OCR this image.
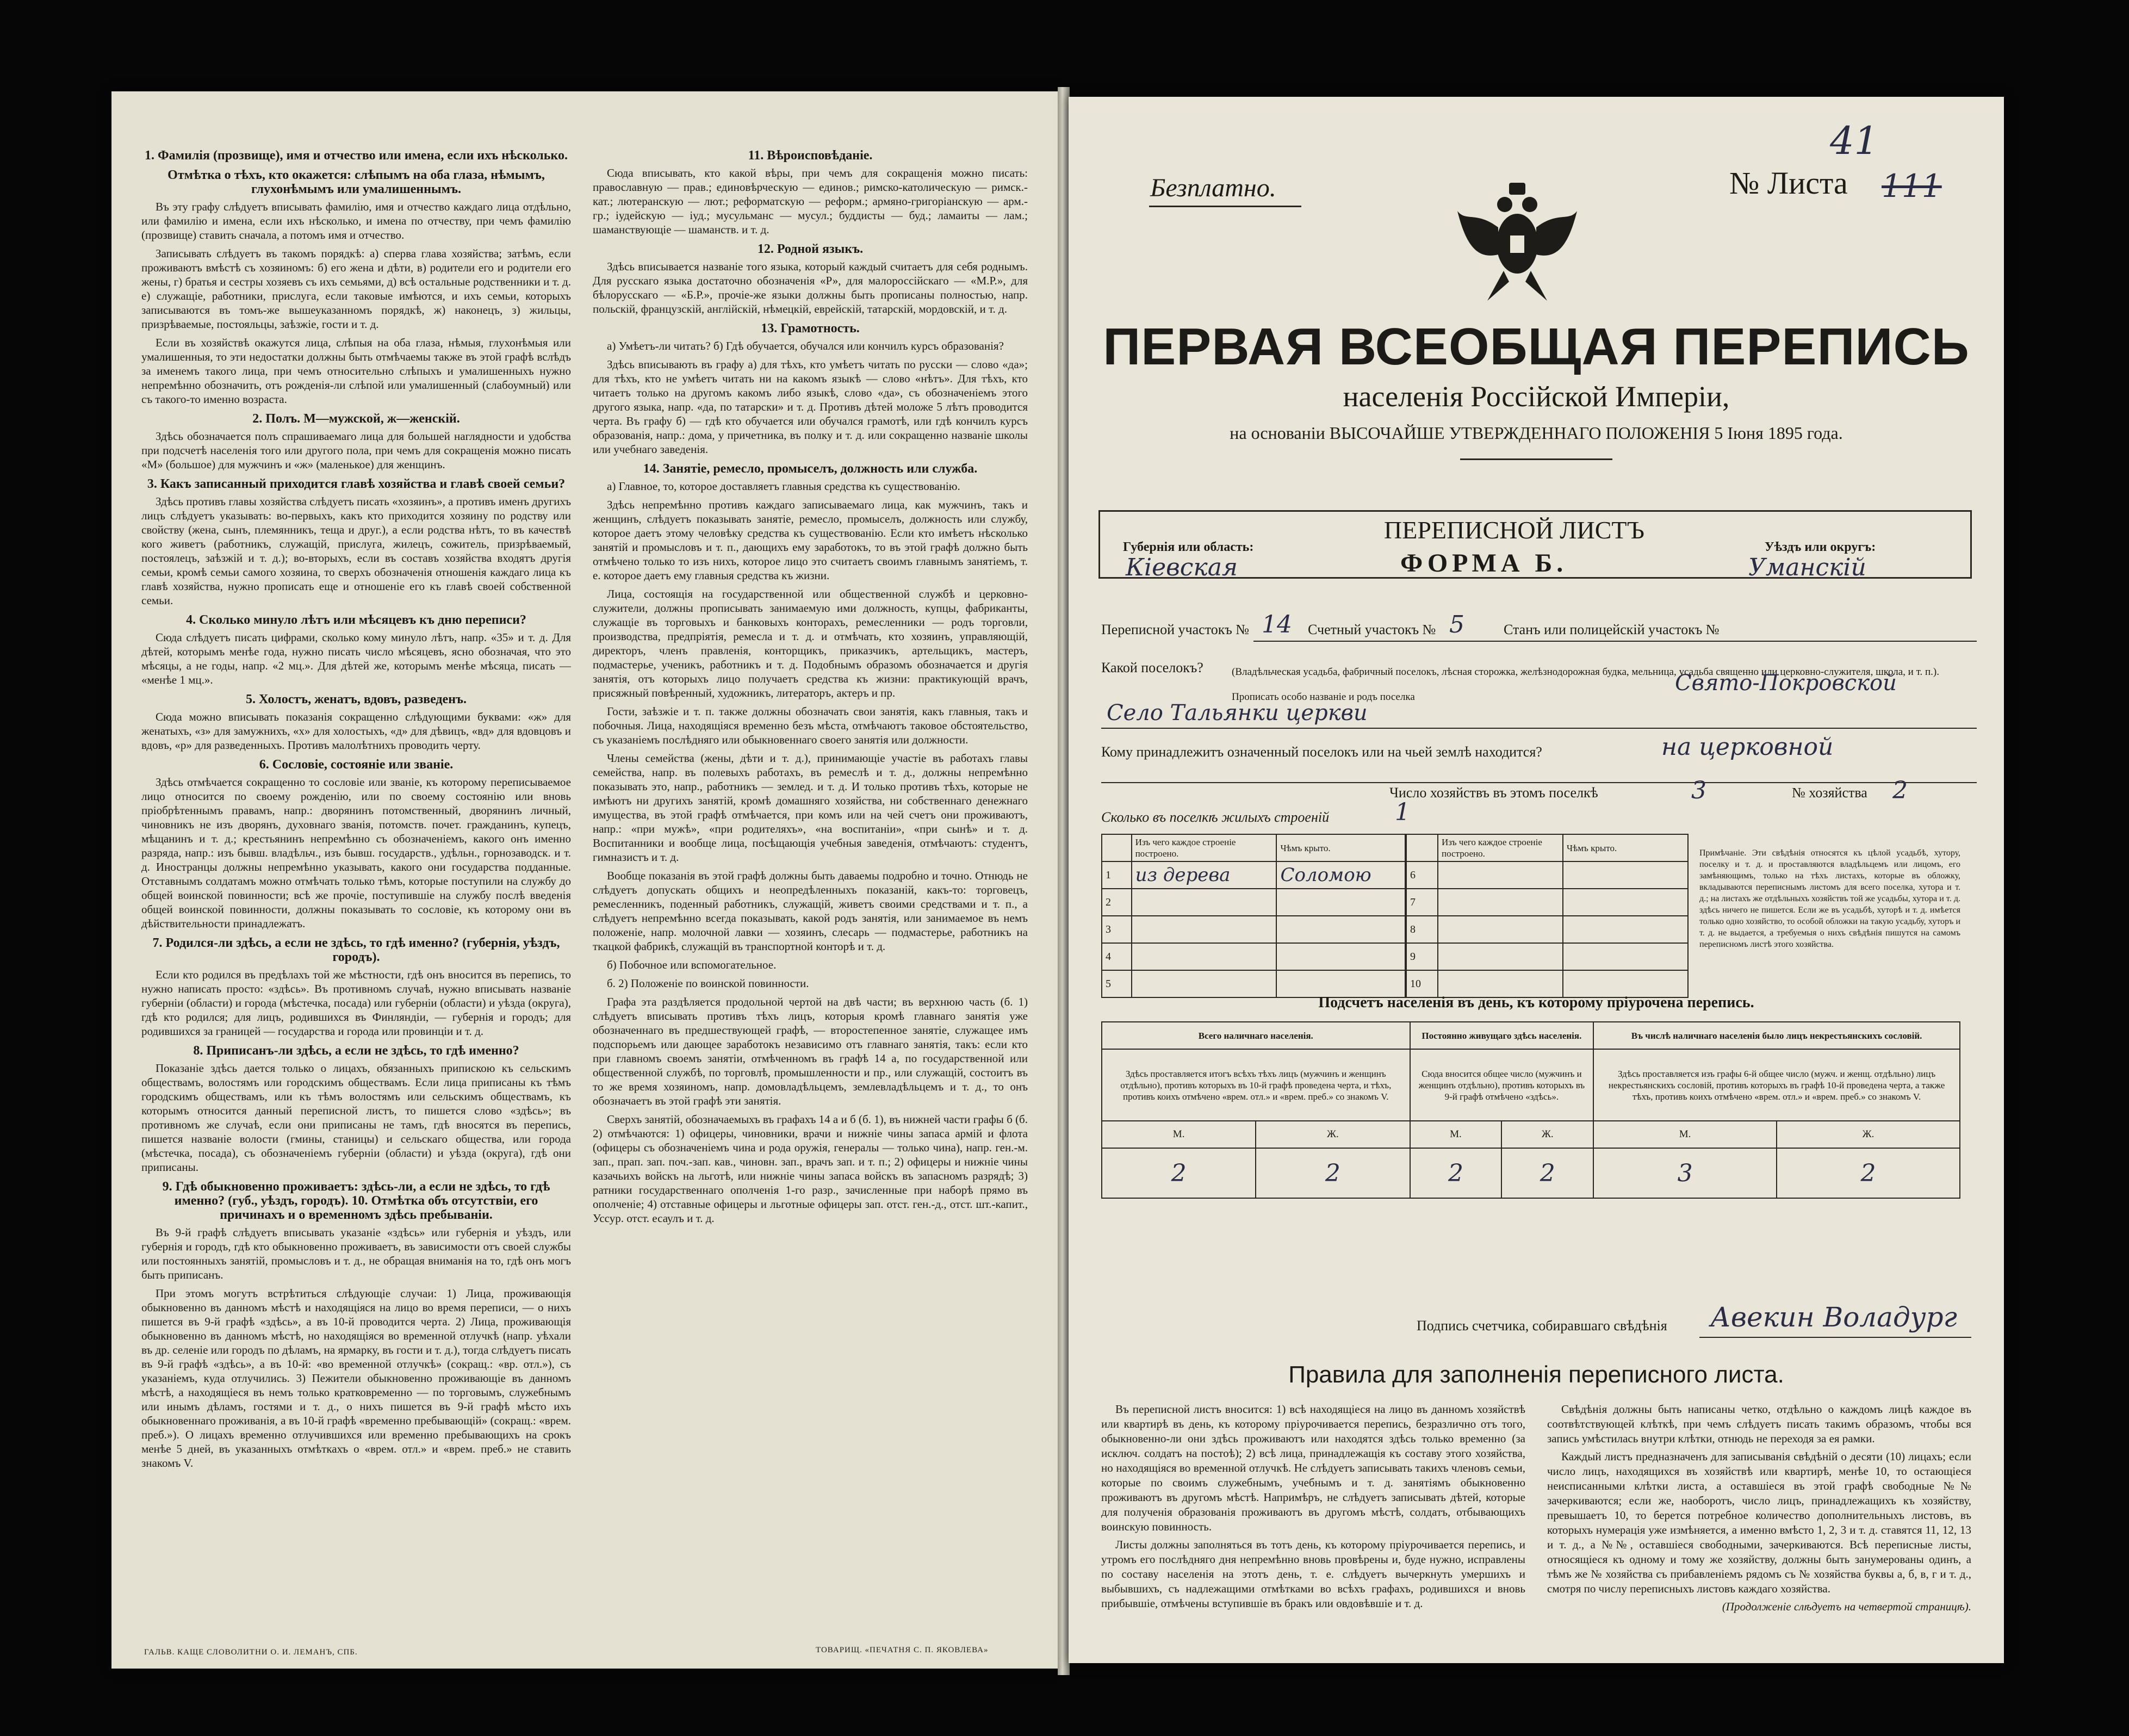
1. Фамилія (прозвище), имя и отчество или имена, если ихъ нѣсколько.
Отмѣтка о тѣхъ, кто окажется: слѣпымъ на оба глаза, нѣмымъ, глухонѣмымъ или умалишеннымъ.

Въ эту графу слѣдуетъ вписывать фамилію, имя и отчество каждаго лица отдѣльно, или фамилію и имена, если ихъ нѣсколько, и имена по отчеству, при чемъ фамилію (прозвище) ставить сначала, а потомъ имя и отчество.

Записывать слѣдуетъ въ такомъ порядкѣ: а) сперва глава хозяйства; затѣмъ, если проживаютъ вмѣстѣ съ хозяиномъ: б) его жена и дѣти, в) родители его и родители его жены, г) братья и сестры хозяевъ съ ихъ семьями, д) всѣ остальные родственники и т. д. е) служащіе, работники, прислуга, если таковые имѣются, и ихъ семьи, которыхъ записываются въ томъ-же вышеуказанномъ порядкѣ, ж) наконецъ, з) жильцы, призрѣваемые, постояльцы, заѣзжіе, гости и т. д.

Если въ хозяйствѣ окажутся лица, слѣпыя на оба глаза, нѣмыя, глухонѣмыя или умалишенныя, то эти недостатки должны быть отмѣчаемы также въ этой графѣ вслѣдъ за именемъ такого лица, при чемъ относительно слѣпыхъ и умалишенныхъ нужно непремѣнно обозначить, отъ рожденія-ли слѣпой или умалишенный (слабоумный) или съ такого-то именно возраста.

2. Полъ. М—мужской, ж—женскій.

Здѣсь обозначается полъ спрашиваемаго лица для большей наглядности и удобства при подсчетѣ населенія того или другого пола, при чемъ для сокращенія можно писать «М» (большое) для мужчинъ и «ж» (маленькое) для женщинъ.

3. Какъ записанный приходится главѣ хозяйства и главѣ своей семьи?

Здѣсь противъ главы хозяйства слѣдуетъ писать «хозяинъ», а противъ именъ другихъ лицъ слѣдуетъ указывать: во-первыхъ, какъ кто приходится хозяину по родству или свойству (жена, сынъ, племянникъ, теща и друг.), а если родства нѣтъ, то въ качествѣ кого живетъ (работникъ, служащій, прислуга, жилецъ, сожитель, призрѣваемый, постоялецъ, заѣзжій и т. д.); во-вторыхъ, если въ составъ хозяйства входятъ другія семьи, кромѣ семьи самого хозяина, то сверхъ обозначенія отношенія каждаго лица къ главѣ хозяйства, нужно прописать еще и отношеніе его къ главѣ своей собственной семьи.

4. Сколько минуло лѣтъ или мѣсяцевъ къ дню переписи?

Сюда слѣдуетъ писать цифрами, сколько кому минуло лѣтъ, напр. «35» и т. д. Для дѣтей, которымъ менѣе года, нужно писать число мѣсяцевъ, ясно обозначая, что это мѣсяцы, а не годы, напр. «2 мц.». Для дѣтей же, которымъ менѣе мѣсяца, писать — «менѣе 1 мц.».

5. Холостъ, женатъ, вдовъ, разведенъ.

Сюда можно вписывать показанія сокращенно слѣдующими буквами: «ж» для женатыхъ, «з» для замужнихъ, «х» для холостыхъ, «д» для дѣвицъ, «вд» для вдовцовъ и вдовъ, «р» для разведенныхъ. Противъ малолѣтнихъ проводить черту.

6. Сословіе, состояніе или званіе.

Здѣсь отмѣчается сокращенно то сословіе или званіе, къ которому переписываемое лицо относится по своему рожденію, или по своему состоянію или вновь пріобрѣтеннымъ правамъ, напр.: дворянинъ потомственный, дворянинъ личный, чиновникъ не изъ дворянъ, духовнаго званія, потомств. почет. гражданинъ, купецъ, мѣщанинъ и т. д.; крестьянинъ непремѣнно съ обозначеніемъ, какого онъ именно разряда, напр.: изъ бывш. владѣльч., изъ бывш. государств., удѣльн., горнозаводск. и т. д. Иностранцы должны непремѣнно указывать, какого они государства подданные. Отставнымъ солдатамъ можно отмѣчать только тѣмъ, которые поступили на службу до общей воинской повинности; всѣ же прочіе, поступившіе на службу послѣ введенія общей воинской повинности, должны показывать то сословіе, къ которому они въ дѣйствительности принадлежатъ.

7. Родился-ли здѣсь, а если не здѣсь, то гдѣ именно? (губернія, уѣздъ, городъ).

Если кто родился въ предѣлахъ той же мѣстности, гдѣ онъ вносится въ перепись, то нужно написать просто: «здѣсь». Въ противномъ случаѣ, нужно вписывать названіе губерніи (области) и города (мѣстечка, посада) или губерніи (области) и уѣзда (округа), гдѣ кто родился; для лицъ, родившихся въ Финляндіи, — губернія и городъ; для родившихся за границей — государства и города или провинціи и т. д.

8. Приписанъ-ли здѣсь, а если не здѣсь, то гдѣ именно?

Показаніе здѣсь дается только о лицахъ, обязанныхъ припискою къ сельскимъ обществамъ, волостямъ или городскимъ обществамъ. Если лица приписаны къ тѣмъ городскимъ обществамъ, или къ тѣмъ волостямъ или сельскимъ обществамъ, къ которымъ относится данный переписной листъ, то пишется слово «здѣсь»; въ противномъ же случаѣ, если они приписаны не тамъ, гдѣ вносятся въ перепись, пишется названіе волости (гмины, станицы) и сельскаго общества, или города (мѣстечка, посада), съ обозначеніемъ губерніи (области) и уѣзда (округа), гдѣ они приписаны.

9. Гдѣ обыкновенно проживаетъ: здѣсь-ли, а если не здѣсь, то гдѣ именно? (губ., уѣздъ, городъ). 10. Отмѣтка объ отсутствіи, его причинахъ и о временномъ здѣсь пребываніи.

Въ 9-й графѣ слѣдуетъ вписывать указаніе «здѣсь» или губернія и уѣздъ, или губернія и городъ, гдѣ кто обыкновенно проживаетъ, въ зависимости отъ своей службы или постоянныхъ занятій, промысловъ и т. д., не обращая вниманія на то, гдѣ онъ могъ быть приписанъ.

При этомъ могутъ встрѣтиться слѣдующіе случаи: 1) Лица, проживающія обыкновенно въ данномъ мѣстѣ и находящіяся на лицо во время переписи, — о нихъ пишется въ 9-й графѣ «здѣсь», а въ 10-й проводится черта. 2) Лица, проживающія обыкновенно въ данномъ мѣстѣ, но находящіяся во временной отлучкѣ (напр. уѣхали въ др. селеніе или городъ по дѣламъ, на ярмарку, въ гости и т. д.), тогда слѣдуетъ писать въ 9-й графѣ «здѣсь», а въ 10-й: «во временной отлучкѣ» (сокращ.: «вр. отл.»), съ указаніемъ, куда отлучились. 3) Пежители обыкновенно проживающіе въ данномъ мѣстѣ, а находящіеся въ немъ только кратковременно — по торговымъ, служебнымъ или инымъ дѣламъ, гостями и т. д., о нихъ пишется въ 9-й графѣ мѣсто ихъ обыкновеннаго проживанія, а въ 10-й графѣ «временно пребывающій» (сокращ.: «врем. преб.»). О лицахъ временно отлучившихся или временно пребывающихъ на срокъ менѣе 5 дней, въ указанныхъ отмѣткахъ о «врем. отл.» и «врем. преб.» не ставить знакомъ V.

11. Вѣроисповѣданіе.

Сюда вписывать, кто какой вѣры, при чемъ для сокращенія можно писать: православную — прав.; единовѣрческую — единов.; римско-католическую — римск.-кат.; лютеранскую — лют.; реформатскую — реформ.; армяно-григоріанскую — арм.-гр.; іудейскую — іуд.; мусульманс — мусул.; буддисты — буд.; ламаиты — лам.; шаманствующіе — шаманств. и т. д.

12. Родной языкъ.

Здѣсь вписывается названіе того языка, который каждый считаетъ для себя роднымъ. Для русскаго языка достаточно обозначенія «Р», для малороссійскаго — «М.Р.», для бѣлорусскаго — «Б.Р.», прочіе-же языки должны быть прописаны полностью, напр. польскій, французскій, англійскій, нѣмецкій, еврейскій, татарскій, мордовскій, и т. д.

13. Грамотность.

а) Умѣетъ-ли читать? б) Гдѣ обучается, обучался или кончилъ курсъ образованія?

Здѣсь вписывають въ графу а) для тѣхъ, кто умѣетъ читать по русски — слово «да»; для тѣхъ, кто не умѣетъ читать ни на какомъ языкѣ — слово «нѣтъ». Для тѣхъ, кто читаетъ только на другомъ какомъ либо языкѣ, слово «да», съ обозначеніемъ этого другого языка, напр. «да, по татарски» и т. д. Противъ дѣтей моложе 5 лѣтъ проводится черта. Въ графу б) — гдѣ кто обучается или обучался грамотѣ, или гдѣ кончилъ курсъ образованія, напр.: дома, у причетника, въ полку и т. д. или сокращенно названіе школы или учебнаго заведенія.

14. Занятіе, ремесло, промыселъ, должность или служба.

а) Главное, то, которое доставляетъ главныя средства къ существованію.

Здѣсь непремѣнно противъ каждаго записываемаго лица, как мужчинъ, такъ и женщинъ, слѣдуетъ показывать занятіе, ремесло, промыселъ, должность или службу, которое даетъ этому человѣку средства къ существованію. Если кто имѣетъ нѣсколько занятій и промысловъ и т. п., дающихъ ему заработокъ, то въ этой графѣ должно быть отмѣчено только то изъ нихъ, которое лицо это считаетъ своимъ главнымъ занятіемъ, т. е. которое даетъ ему главныя средства къ жизни.

Лица, состоящія на государственной или общественной службѣ и церковно-служители, должны прописывать занимаемую ими должность, купцы, фабриканты, служащіе въ торговыхъ и банковыхъ конторахъ, ремесленники — родъ торговли, производства, предпріятія, ремесла и т. д. и отмѣчать, кто хозяинъ, управляющій, директоръ, членъ правленія, конторщикъ, приказчикъ, артельщикъ, мастеръ, подмастерье, ученикъ, работникъ и т. д. Подобнымъ образомъ обозначается и другія занятія, отъ которыхъ лицо получаетъ средства къ жизни: практикующій врачъ, присяжный повѣренный, художникъ, литераторъ, актеръ и пр.

Гости, заѣзжіе и т. п. также должны обозначать свои занятія, какъ главныя, такъ и побочныя. Лица, находящіяся временно безъ мѣста, отмѣчаютъ таковое обстоятельство, съ указаніемъ послѣдняго или обыкновеннаго своего занятія или должности.

Члены семейства (жены, дѣти и т. д.), принимающіе участіе въ работахъ главы семейства, напр. въ полевыхъ работахъ, въ ремеслѣ и т. д., должны непремѣнно показывать это, напр., работникъ — землед. и т. д. И только противъ тѣхъ, которые не имѣютъ ни другихъ занятій, кромѣ домашняго хозяйства, ни собственнаго денежнаго имущества, въ этой графѣ отмѣчается, при комъ или на чей счетъ они проживаютъ, напр.: «при мужѣ», «при родителяхъ», «на воспитаніи», «при сынѣ» и т. д. Воспитанники и вообще лица, посѣщающія учебныя заведенія, отмѣчаютъ: студентъ, гимназистъ и т. д.

Вообще показанія въ этой графѣ должны быть даваемы подробно и точно. Отнюдь не слѣдуетъ допускать общихъ и неопредѣленныхъ показаній, какъ-то: торговецъ, ремесленникъ, поденный работникъ, служащій, живетъ своими средствами и т. п., а слѣдуетъ непремѣнно всегда показывать, какой родъ занятія, или занимаемое въ немъ положеніе, напр. молочной лавки — хозяинъ, слесарь — подмастерье, работникъ на ткацкой фабрикѣ, служащій въ транспортной конторѣ и т. д.

б) Побочное или вспомогательное.

б. 2) Положеніе по воинской повинности.

Графа эта раздѣляется продольной чертой на двѣ части; въ верхнюю часть (б. 1) слѣдуетъ вписывать противъ тѣхъ лицъ, которыя кромѣ главнаго занятія уже обозначеннаго въ предшествующей графѣ, — второстепенное занятіе, служащее имъ подспорьемъ или дающее заработокъ независимо отъ главнаго занятія, такъ: если кто при главномъ своемъ занятіи, отмѣченномъ въ графѣ 14 а, по государственной или общественной службѣ, по торговлѣ, промышленности и пр., или служащій, состоитъ въ то же время хозяиномъ, напр. домовладѣльцемъ, землевладѣльцемъ и т. д., то онъ обозначаетъ въ этой графѣ эти занятія.

Сверхъ занятій, обозначаемыхъ въ графахъ 14 а и б (б. 1), въ нижней части графы б (б. 2) отмѣчаются: 1) офицеры, чиновники, врачи и нижніе чины запаса армій и флота (офицеры съ обозначеніемъ чина и рода оружія, генералы — только чина), напр. ген.-м. зап., прап. зап. поч.-зап. кав., чиновн. зап., врачъ зап. и т. п.; 2) офицеры и нижніе чины казачьихъ войскъ на льготѣ, или нижніе чины запаса войскъ въ запасномъ разрядѣ; 3) ратники государственнаго ополченія 1-го разр., зачисленные при наборѣ прямо въ ополченіе; 4) отставные офицеры и льготные офицеры зап. отст. ген.-д., отст. шт.-капит., Уссур. отст. есаулъ и т. д.

ГАЛЬВ. КАЩЕ СЛОВОЛИТНИ О. И. ЛЕМАНЪ, СПБ.	ТОВАРИЩ. «ПЕЧАТНЯ С. П. ЯКОВЛЕВА»
41
Безплатно.	№ Листа 111
ПЕРВАЯ ВСЕОБЩАЯ ПЕРЕПИСЬ
населенія Россійской Имперіи,
на основаніи ВЫСОЧАЙШЕ УТВЕРЖДЕННАГО ПОЛОЖЕНІЯ 5 Іюня 1895 года.
ПЕРЕПИСНОЙ ЛИСТЪ
ФОРМА Б.
Губернія или область:
Кіевская
Уѣздъ или округъ:
Уманскій
Переписной участокъ № 14 Счетный участокъ № 5	Станъ или полицейскій участокъ №
Какой поселокъ?	(Владѣльческая усадьба, фабричный поселокъ, лѣсная сторожка, желѣзнодорожная будка, мельница, усадьба священно или церковно-служителя, школа, и т. п.). Прописать особо названіе и родъ поселка
Свято-Покровской
Село Тальянки церкви
Кому принадлежитъ означенный поселокъ или на чьей землѣ находится?	на церковной
Число хозяйствъ въ этомъ поселкѣ	3	№ хозяйства 2
Сколько въ поселкѣ жилыхъ строеній	1
	Изъ чего каждое строеніе построено.	Чѣмъ крыто.
1	из дерева	Соломою
2		
3		
4		
5		
	Изъ чего каждое строеніе построено.	Чѣмъ крыто.
6		
7		
8		
9		
10		
Примѣчаніе. Эти свѣдѣнія относятся къ цѣлой усадьбѣ, хутору, поселку и т. д. и проставляются владѣльцемъ или лицомъ, его замѣняющимъ, только на тѣхъ листахъ, которые въ обложку, вкладываются переписнымъ листомъ для всего поселка, хутора и т. д.; на листахъ же отдѣльныхъ хозяйствъ той же усадьбы, хутора и т. д. здѣсь ничего не пишется. Если же въ усадьбѣ, хуторѣ и т. д. имѣется только одно хозяйство, то особой обложки на такую усадьбу, хуторъ и т. д. не выдается, а требуемыя о нихъ свѣдѣнія пишутся на самомъ переписномъ листѣ этого хозяйства.
Подсчетъ населенія въ день, къ которому пріурочена перепись.
Всего наличнаго населенія.		Постоянно живущаго здѣсь населенія.		Въ числѣ наличнаго населенія было лицъ некрестьянскихъ сословій.	
Здѣсь проставляется итогъ всѣхъ тѣхъ лицъ (мужчинъ и женщинъ отдѣльно), противъ которыхъ въ 10-й графѣ проведена черта, и тѣхъ, противъ коихъ отмѣчено «врем. отл.» и «врем. преб.» со знакомъ V.		Сюда вносится общее число (мужчинъ и женщинъ отдѣльно), противъ которыхъ въ 9-й графѣ отмѣчено «здѣсь».		Здѣсь проставляется изъ графы 6-й общее число (мужч. и женщ. отдѣльно) лицъ некрестьянскихъ сословій, противъ которыхъ въ графѣ 10-й проведена черта, а также тѣхъ, противъ коихъ отмѣчено «врем. отл.» и «врем. преб.» со знакомъ V.	
М.	Ж.	М.	Ж.	М.	Ж.
2	2	2	2	3	2
Подпись счетчика, собиравшаго свѣдѣнія Авекин Воладург
Правила для заполненія переписного листа.

Въ переписной листъ вносится: 1) всѣ находящіеся на лицо въ данномъ хозяйствѣ или квартирѣ въ день, къ которому пріурочивается перепись, безразлично отъ того, обыкновенно-ли они здѣсь проживаютъ или находятся здѣсь только временно (за исключ. солдатъ на постоѣ); 2) всѣ лица, принадлежащія къ составу этого хозяйства, но находящіяся во временной отлучкѣ. Не слѣдуетъ записывать такихъ членовъ семьи, которые по своимъ служебнымъ, учебнымъ и т. д. занятіямъ обыкновенно проживаютъ въ другомъ мѣстѣ. Напримѣръ, не слѣдуетъ записывать дѣтей, которые для полученія образованія проживаютъ въ другомъ мѣстѣ, солдатъ, отбывающихъ воинскую повинность.

Листы должны заполняться въ тотъ день, къ которому пріурочивается перепись, и утромъ его послѣдняго дня непремѣнно вновь провѣрены и, буде нужно, исправлены по составу населенія на этотъ день, т. е. слѣдуетъ вычеркнуть умершихъ и выбывшихъ, съ надлежащими отмѣтками во всѣхъ графахъ, родившихся и вновь прибывшіе, отмѣчены вступившіе въ бракъ или овдовѣвшіе и т. д.

Свѣдѣнія должны быть написаны четко, отдѣльно о каждомъ лицѣ каждое въ соотвѣтствующей клѣткѣ, при чемъ слѣдуетъ писать такимъ образомъ, чтобы вся запись умѣстилась внутри клѣтки, отнюдь не переходя за ея рамки.

Каждый листъ предназначенъ для записыванія свѣдѣній о десяти (10) лицахъ; если число лицъ, находящихся въ хозяйствѣ или квартирѣ, менѣе 10, то остающіеся неисписанными клѣтки листа, а оставшіеся въ этой графѣ свободные №№ зачеркиваются; если же, наоборотъ, число лицъ, принадлежащихъ къ хозяйству, превышаетъ 10, то берется потребное количество дополнительныхъ листовъ, въ которыхъ нумерація уже измѣняется, а именно вмѣсто 1, 2, 3 и т. д. ставятся 11, 12, 13 и т. д., а №№, оставшіеся свободными, зачеркиваются. Всѣ переписные листы, относящіеся къ одному и тому же хозяйству, должны быть занумерованы одинъ, а тѣмъ же № хозяйства съ прибавленіемъ рядомъ съ № хозяйства буквы а, б, в, г и т. д., смотря по числу переписныхъ листовъ каждаго хозяйства.

(Продолженіе слѣдуетъ на четвертой страницѣ).
